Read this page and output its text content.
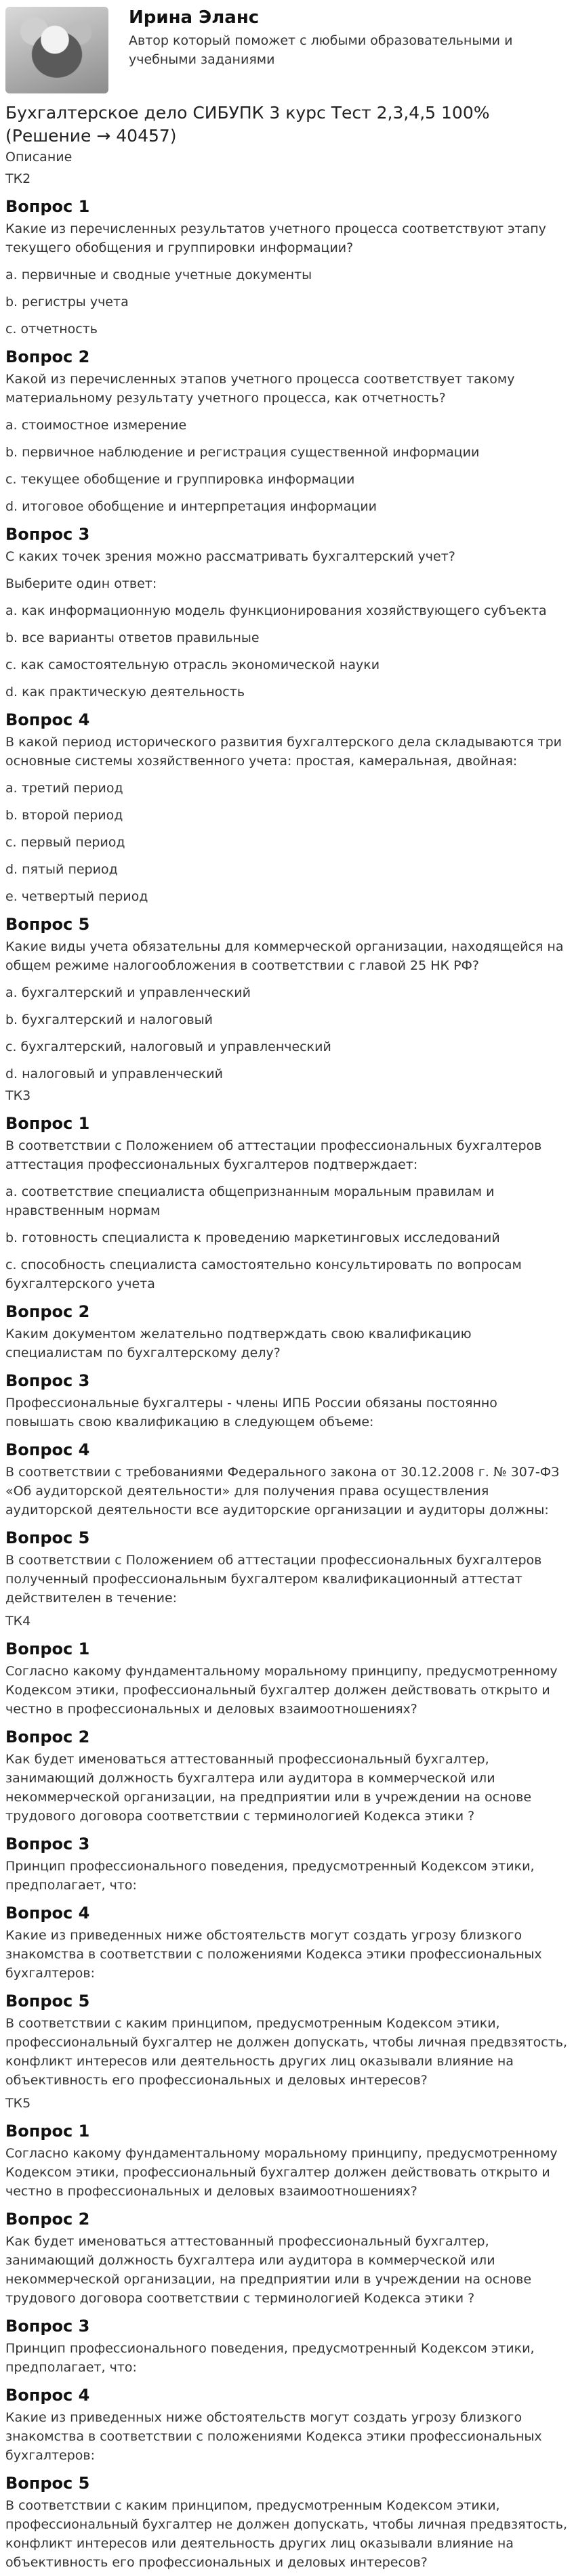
Ирина Эланс
Автор который поможет с любыми образовательными и учебными заданиями
Бухгалтерское дело СИБУПК 3 курс Тест 2,3,4,5 100% (Решение → 40457)
Описание
ТК2
Вопрос 1
Какие из перечисленных результатов учетного процесса соответствуют этапу текущего обобщения и группировки информации?
a. первичные и сводные учетные документы
b. регистры учета
c. отчетность
Вопрос 2
Какой из перечисленных этапов учетного процесса соответствует такому материальному результату учетного процесса, как отчетность?
a. стоимостное измерение
b. первичное наблюдение и регистрация существенной информации
c. текущее обобщение и группировка информации
d. итоговое обобщение и интерпретация информации
Вопрос 3
С каких точек зрения можно рассматривать бухгалтерский учет?
Выберите один ответ:
a. как информационную модель функционирования хозяйствующего субъекта
b. все варианты ответов правильные
c. как самостоятельную отрасль экономической науки
d. как практическую деятельность
Вопрос 4
В какой период исторического развития бухгалтерского дела складываются три основные системы хозяйственного учета: простая, камеральная, двойная:
a. третий период
b. второй период
c. первый период
d. пятый период
e. четвертый период
Вопрос 5
Какие виды учета обязательны для коммерческой организации, находящейся на общем режиме налогообложения в соответствии с главой 25 НК РФ?
a. бухгалтерский и управленческий
b. бухгалтерский и налоговый
c. бухгалтерский, налоговый и управленческий
d. налоговый и управленческий
ТК3
Вопрос 1
В соответствии с Положением об аттестации профессиональных бухгалтеров аттестация профессиональных бухгалтеров подтверждает:
a. соответствие специалиста общепризнанным моральным правилам и нравственным нормам
b. готовность специалиста к проведению маркетинговых исследований
c. способность специалиста самостоятельно консультировать по вопросам бухгалтерского учета
Вопрос 2
Каким документом желательно подтверждать свою квалификацию специалистам по бухгалтерскому делу?
Вопрос 3
Профессиональные бухгалтеры - члены ИПБ России обязаны постоянно повышать свою квалификацию в следующем объеме:
Вопрос 4
В соответствии с требованиями Федерального закона от 30.12.2008 г. № 307-ФЗ «Об аудиторской деятельности» для получения права осуществления аудиторской деятельности все аудиторские организации и аудиторы должны:
Вопрос 5
В соответствии с Положением об аттестации профессиональных бухгалтеров полученный профессиональным бухгалтером квалификационный аттестат действителен в течение:
ТК4
Вопрос 1
Согласно какому фундаментальному моральному принципу, предусмотренному Кодексом этики, профессиональный бухгалтер должен действовать открыто и честно в профессиональных и деловых взаимоотношениях?
Вопрос 2
Как будет именоваться аттестованный профессиональный бухгалтер, занимающий должность бухгалтера или аудитора в коммерческой или некоммерческой организации, на предприятии или в учреждении на основе трудового договора соответствии с терминологией Кодекса этики ?
Вопрос 3
Принцип профессионального поведения, предусмотренный Кодексом этики, предполагает, что:
Вопрос 4
Какие из приведенных ниже обстоятельств могут создать угрозу близкого знакомства в соответствии с положениями Кодекса этики профессиональных бухгалтеров:
Вопрос 5
В соответствии с каким принципом, предусмотренным Кодексом этики, профессиональный бухгалтер не должен допускать, чтобы личная предвзятость, конфликт интересов или деятельность других лиц оказывали влияние на объективность его профессиональных и деловых интересов?
ТК5
Вопрос 1
Согласно какому фундаментальному моральному принципу, предусмотренному Кодексом этики, профессиональный бухгалтер должен действовать открыто и честно в профессиональных и деловых взаимоотношениях?
Вопрос 2
Как будет именоваться аттестованный профессиональный бухгалтер, занимающий должность бухгалтера или аудитора в коммерческой или некоммерческой организации, на предприятии или в учреждении на основе трудового договора соответствии с терминологией Кодекса этики ?
Вопрос 3
Принцип профессионального поведения, предусмотренный Кодексом этики, предполагает, что:
Вопрос 4
Какие из приведенных ниже обстоятельств могут создать угрозу близкого знакомства в соответствии с положениями Кодекса этики профессиональных бухгалтеров:
Вопрос 5
В соответствии с каким принципом, предусмотренным Кодексом этики, профессиональный бухгалтер не должен допускать, чтобы личная предвзятость, конфликт интересов или деятельность других лиц оказывали влияние на объективность его профессиональных и деловых интересов?
